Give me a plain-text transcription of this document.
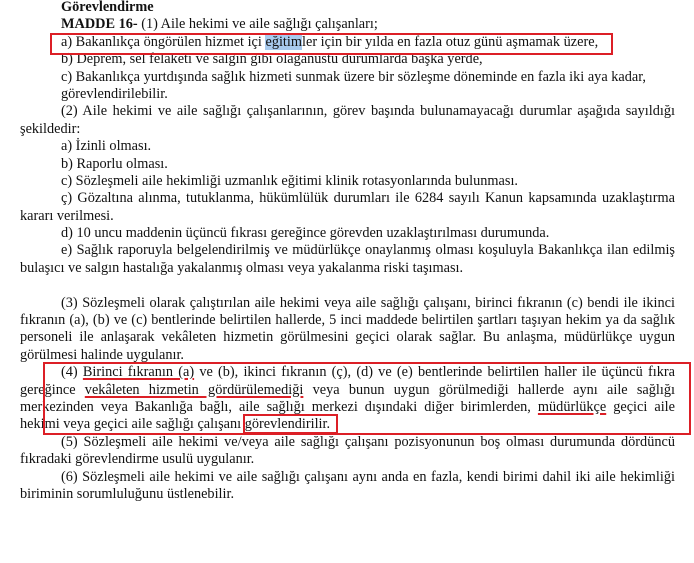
Görevlendirme
MADDE 16- (1) Aile hekimi ve aile sağlığı çalışanları;
a) Bakanlıkça öngörülen hizmet içi eğitimler için bir yılda en fazla otuz günü aşmamak üzere,
b) Deprem, sel felaketi ve salgın gibi olağanüstü durumlarda başka yerde,
c) Bakanlıkça yurtdışında sağlık hizmeti sunmak üzere bir sözleşme döneminde en fazla iki aya kadar,
görevlendirilebilir.
(2) Aile hekimi ve aile sağlığı çalışanlarının, görev başında bulunamayacağı durumlar aşağıda sayıldığı
şekildedir:
a) İzinli olması.
b) Raporlu olması.
c) Sözleşmeli aile hekimliği uzmanlık eğitimi klinik rotasyonlarında bulunması.
ç) Gözaltına alınma, tutuklanma, hükümlülük durumları ile 6284 sayılı Kanun kapsamında uzaklaştırma
kararı verilmesi.
d) 10 uncu maddenin üçüncü fıkrası gereğince görevden uzaklaştırılması durumunda.
e) Sağlık raporuyla belgelendirilmiş ve müdürlükçe onaylanmış olması koşuluyla Bakanlıkça ilan edilmiş
bulaşıcı ve salgın hastalığa yakalanmış olması veya yakalanma riski taşıması.
(3) Sözleşmeli olarak çalıştırılan aile hekimi veya aile sağlığı çalışanı, birinci fıkranın (c) bendi ile ikinci
fıkranın (a), (b) ve (c) bentlerinde belirtilen hallerde, 5 inci maddede belirtilen şartları taşıyan hekim ya da sağlık
personeli ile anlaşarak vekâleten hizmetin görülmesini geçici olarak sağlar. Bu anlaşma, müdürlükçe uygun
görülmesi halinde uygulanır.
(4) Birinci fıkranın (a) ve (b), ikinci fıkranın (ç), (d) ve (e) bentlerinde belirtilen haller ile üçüncü fıkra
gereğince vekâleten hizmetin gördürülemediği veya bunun uygun görülmediği hallerde aynı aile sağlığı
merkezinden veya Bakanlığa bağlı, aile sağlığı merkezi dışındaki diğer birimlerden, müdürlükçe geçici aile
hekimi veya geçici aile sağlığı çalışanı görevlendirilir.
(5) Sözleşmeli aile hekimi ve/veya aile sağlığı çalışanı pozisyonunun boş olması durumunda dördüncü
fıkradaki görevlendirme usulü uygulanır.
(6) Sözleşmeli aile hekimi ve aile sağlığı çalışanı aynı anda en fazla, kendi birimi dahil iki aile hekimliği
biriminin sorumluluğunu üstlenebilir.
